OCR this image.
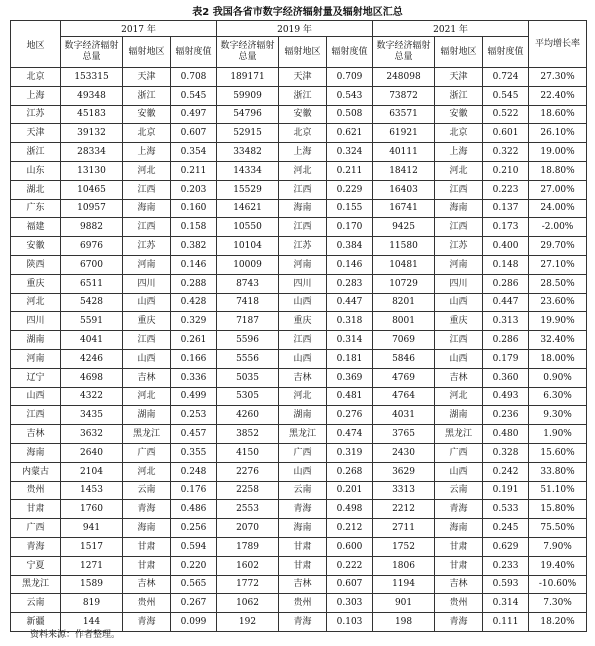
表2 我国各省市数字经济辐射量及辐射地区汇总
地区	2017 年			2019 年			2021 年			平均增长率
	数字经济辐射总量	辐射地区	辐射度值	数字经济辐射总量	辐射地区	辐射度值	数字经济辐射总量	辐射地区	辐射度值	
北京	153315	天津	0.708	189171	天津	0.709	248098	天津	0.724	27.30%
上海	49348	浙江	0.545	59909	浙江	0.543	73872	浙江	0.545	22.40%
江苏	45183	安徽	0.497	54796	安徽	0.508	63571	安徽	0.522	18.60%
天津	39132	北京	0.607	52915	北京	0.621	61921	北京	0.601	26.10%
浙江	28334	上海	0.354	33482	上海	0.324	40111	上海	0.322	19.00%
山东	13130	河北	0.211	14334	河北	0.211	18412	河北	0.210	18.80%
湖北	10465	江西	0.203	15529	江西	0.229	16403	江西	0.223	27.00%
广东	10957	海南	0.160	14621	海南	0.155	16741	海南	0.137	24.00%
福建	9882	江西	0.158	10550	江西	0.170	9425	江西	0.173	-2.00%
安徽	6976	江苏	0.382	10104	江苏	0.384	11580	江苏	0.400	29.70%
陕西	6700	河南	0.146	10009	河南	0.146	10481	河南	0.148	27.10%
重庆	6511	四川	0.288	8743	四川	0.283	10729	四川	0.286	28.50%
河北	5428	山西	0.428	7418	山西	0.447	8201	山西	0.447	23.60%
四川	5591	重庆	0.329	7187	重庆	0.318	8001	重庆	0.313	19.90%
湖南	4041	江西	0.261	5596	江西	0.314	7069	江西	0.286	32.40%
河南	4246	山西	0.166	5556	山西	0.181	5846	山西	0.179	18.00%
辽宁	4698	吉林	0.336	5035	吉林	0.369	4769	吉林	0.360	0.90%
山西	4322	河北	0.499	5305	河北	0.481	4764	河北	0.493	6.30%
江西	3435	湖南	0.253	4260	湖南	0.276	4031	湖南	0.236	9.30%
吉林	3632	黑龙江	0.457	3852	黑龙江	0.474	3765	黑龙江	0.480	1.90%
海南	2640	广西	0.355	4150	广西	0.319	2430	广西	0.328	15.60%
内蒙古	2104	河北	0.248	2276	山西	0.268	3629	山西	0.242	33.80%
贵州	1453	云南	0.176	2258	云南	0.201	3313	云南	0.191	51.10%
甘肃	1760	青海	0.486	2553	青海	0.498	2212	青海	0.533	15.80%
广西	941	海南	0.256	2070	海南	0.212	2711	海南	0.245	75.50%
青海	1517	甘肃	0.594	1789	甘肃	0.600	1752	甘肃	0.629	7.90%
宁夏	1271	甘肃	0.220	1602	甘肃	0.222	1806	甘肃	0.233	19.40%
黑龙江	1589	吉林	0.565	1772	吉林	0.607	1194	吉林	0.593	-10.60%
云南	819	贵州	0.267	1062	贵州	0.303	901	贵州	0.314	7.30%
新疆	144	青海	0.099	192	青海	0.103	198	青海	0.111	18.20%
资料来源：作者整理。
